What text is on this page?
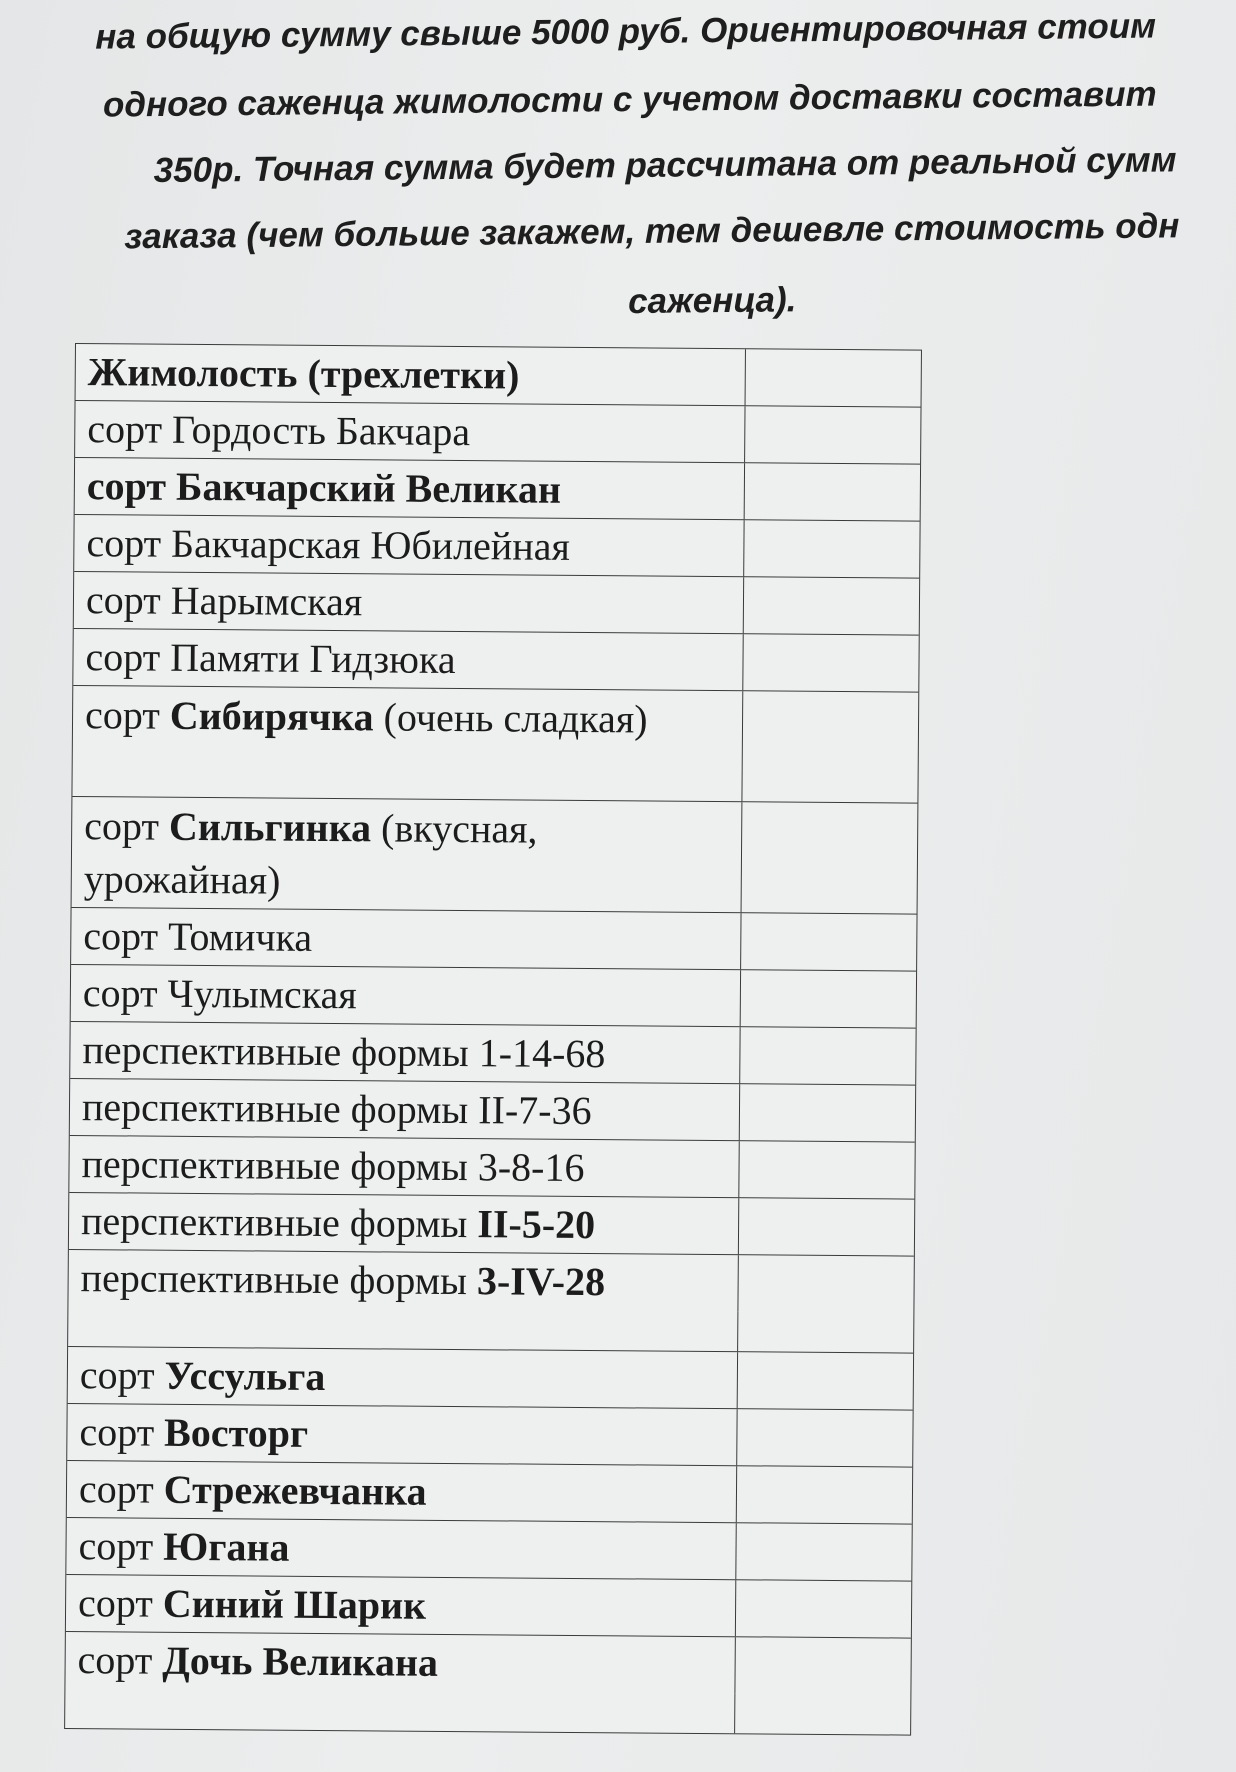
на общую сумму свыше 5000 руб. Ориентировочная стоим
одного саженца жимолости с учетом доставки составит
350р. Точная сумма будет рассчитана от реальной сумм
заказа (чем больше закажем, тем дешевле стоимость одн
саженца).
Жимолость (трехлетки)
сорт Гордость Бакчара
сорт Бакчарский Великан
сорт Бакчарская Юбилейная
сорт Нарымская
сорт Памяти Гидзюка
сорт Сибирячка (очень сладкая)
сорт Сильгинка (вкусная, урожайная)
сорт Томичка
сорт Чулымская
перспективные формы 1-14-68
перспективные формы II-7-36
перспективные формы 3-8-16
перспективные формы II-5-20
перспективные формы 3-IV-28
сорт Уссульга
сорт Восторг
сорт Стрежевчанка
сорт Югана
сорт Синий Шарик
сорт Дочь Великана
